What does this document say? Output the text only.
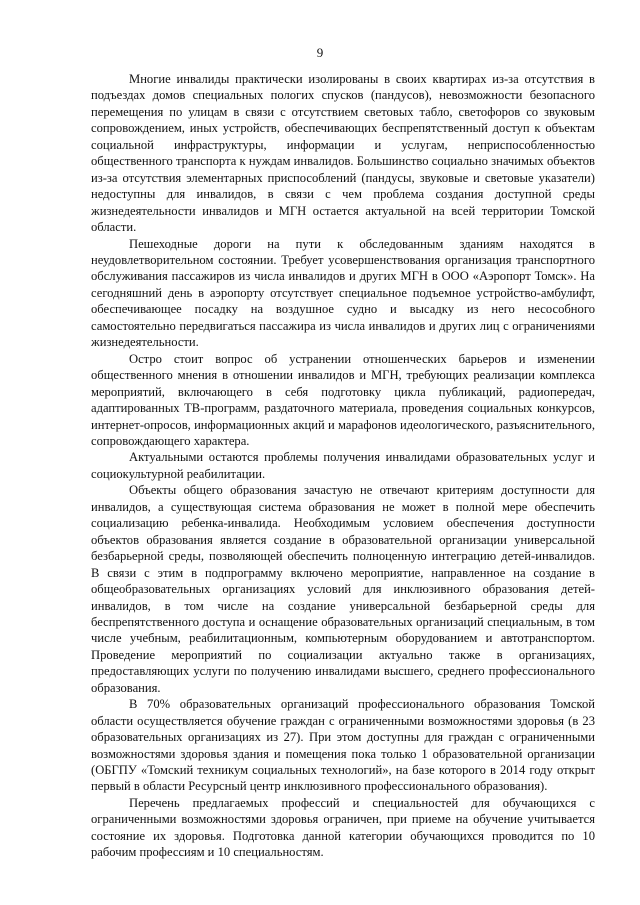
9

Многие инвалиды практически изолированы в своих квартирах из-за отсутствия в подъездах домов специальных пологих спусков (пандусов), невозможности безопасного перемещения по улицам в связи с отсутствием световых табло, светофоров со звуковым сопровождением, иных устройств, обеспечивающих беспрепятственный доступ к объектам социальной инфраструктуры, информации и услугам, неприспособленностью общественного транспорта к нуждам инвалидов. Большинство социально значимых объектов из-за отсутствия элементарных приспособлений (пандусы, звуковые и световые указатели) недоступны для инвалидов, в связи с чем проблема создания доступной среды жизнедеятельности инвалидов и МГН остается актуальной на всей территории Томской области.

Пешеходные дороги на пути к обследованным зданиям находятся в неудовлетворительном состоянии. Требует усовершенствования организация транспортного обслуживания пассажиров из числа инвалидов и других МГН в ООО «Аэропорт Томск». На сегодняшний день в аэропорту отсутствует специальное подъемное устройство-амбулифт, обеспечивающее посадку на воздушное судно и высадку из него несособного самостоятельно передвигаться пассажира из числа инвалидов и других лиц с ограничениями жизнедеятельности.

Остро стоит вопрос об устранении отношенческих барьеров и изменении общественного мнения в отношении инвалидов и МГН, требующих реализации комплекса мероприятий, включающего в себя подготовку цикла публикаций, радиопередач, адаптированных ТВ-программ, раздаточного материала, проведения социальных конкурсов, интернет-опросов, информационных акций и марафонов идеологического, разъяснительного, сопровождающего характера.

Актуальными остаются проблемы получения инвалидами образовательных услуг и социокультурной реабилитации.

Объекты общего образования зачастую не отвечают критериям доступности для инвалидов, а существующая система образования не может в полной мере обеспечить социализацию ребенка-инвалида. Необходимым условием обеспечения доступности объектов образования является создание в образовательной организации универсальной безбарьерной среды, позволяющей обеспечить полноценную интеграцию детей-инвалидов. В связи с этим в подпрограмму включено мероприятие, направленное на создание в общеобразовательных организациях условий для инклюзивного образования детей-инвалидов, в том числе на создание универсальной безбарьерной среды для беспрепятственного доступа и оснащение образовательных организаций специальным, в том числе учебным, реабилитационным, компьютерным оборудованием и автотранспортом. Проведение мероприятий по социализации актуально также в организациях, предоставляющих услуги по получению инвалидами высшего, среднего профессионального образования.

В 70% образовательных организаций профессионального образования Томской области осуществляется обучение граждан с ограниченными возможностями здоровья (в 23 образовательных организациях из 27). При этом доступны для граждан с ограниченными возможностями здоровья здания и помещения пока только 1 образовательной организации (ОБГПУ «Томский техникум социальных технологий», на базе которого в 2014 году открыт первый в области Ресурсный центр инклюзивного профессионального образования).

Перечень предлагаемых профессий и специальностей для обучающихся с ограниченными возможностями здоровья ограничен, при приеме на обучение учитывается состояние их здоровья. Подготовка данной категории обучающихся проводится по 10 рабочим профессиям и 10 специальностям.
